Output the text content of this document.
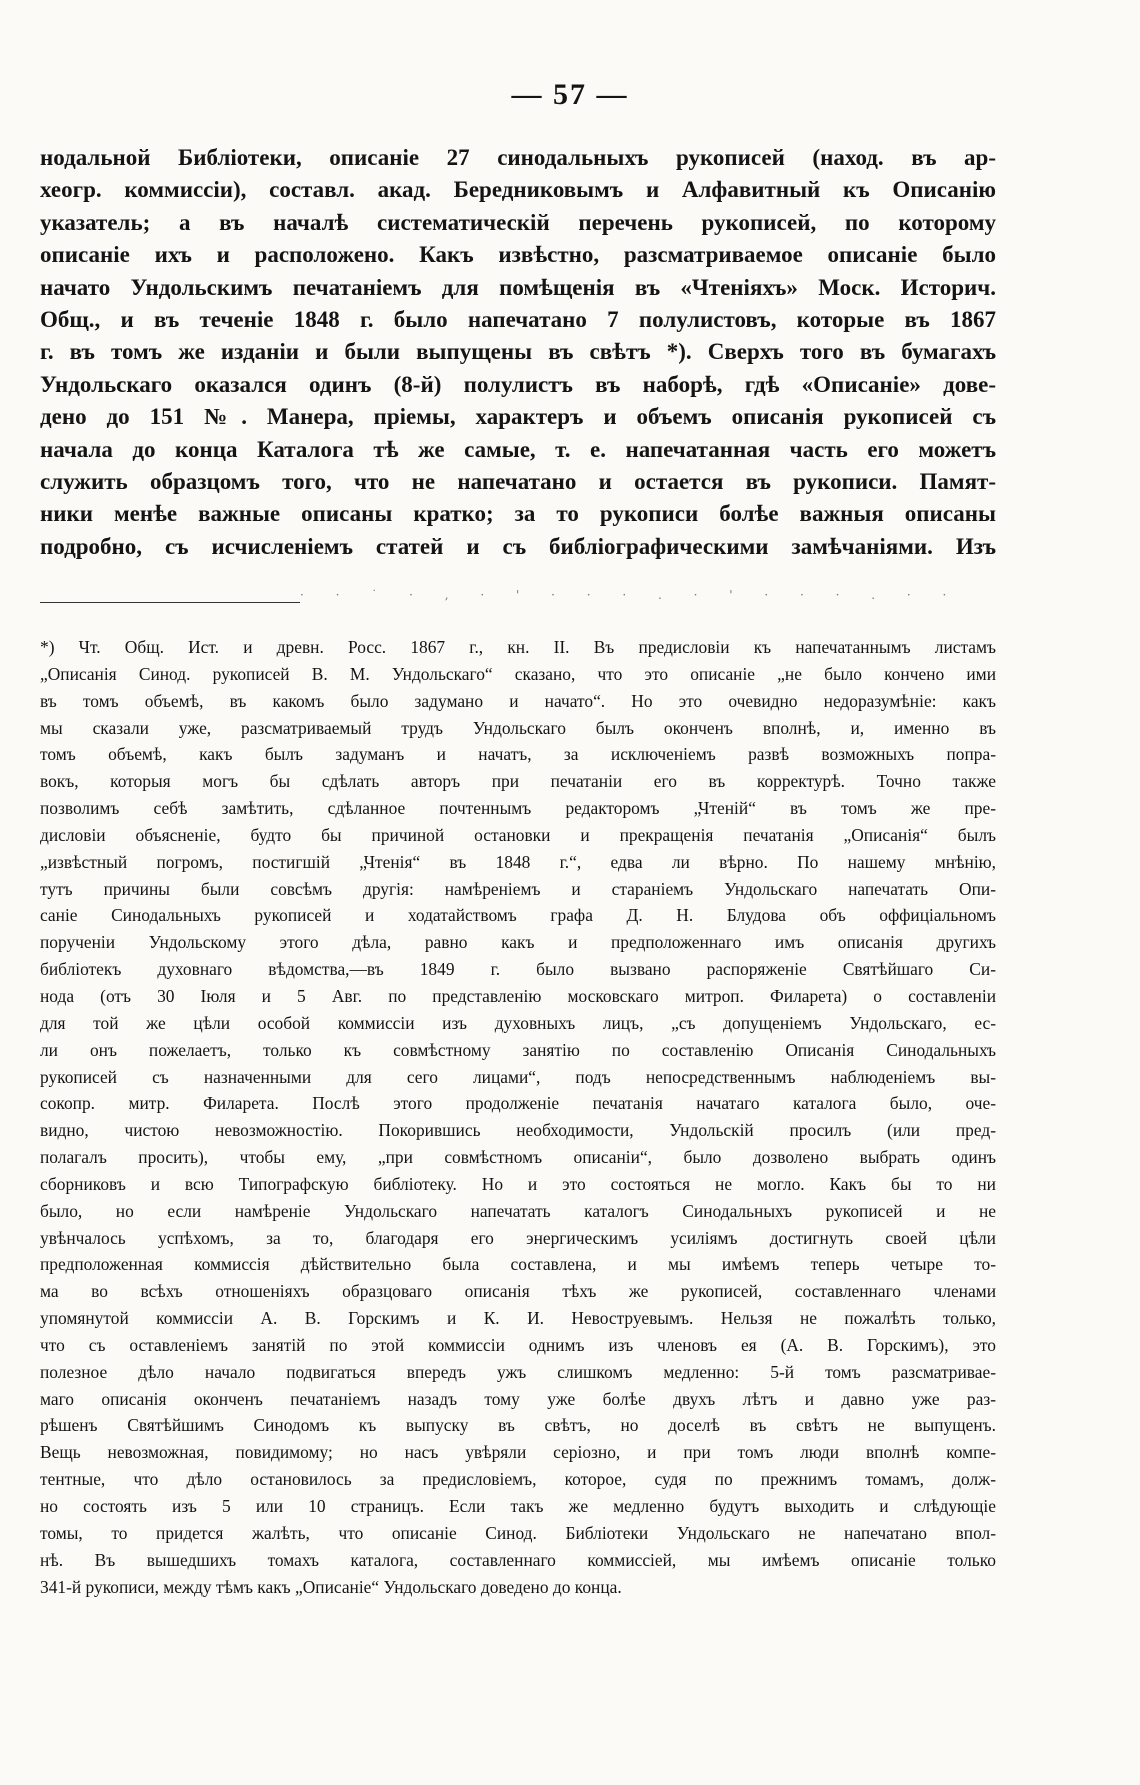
— 57 —
нодальной Библіотеки, описаніе 27 синодальныхъ рукописей (наход. въ ар-
хеогр. коммиссіи), составл. акад. Бередниковымъ и Алфавитный къ Описанію
указатель; а въ началѣ систематическій перечень рукописей, по которому
описаніе ихъ и расположено. Какъ извѣстно, разсматриваемое описаніе было
начато Ундольскимъ печатаніемъ для помѣщенія въ «Чтеніяхъ» Моск. Историч.
Общ., и въ теченіе 1848 г. было напечатано 7 полулистовъ, которые въ 1867
г. въ томъ же изданіи и были выпущены въ свѣтъ *). Сверхъ того въ бумагахъ
Ундольскаго оказался одинъ (8-й) полулистъ въ наборѣ, гдѣ «Описаніе» дове-
дено до 151 №. Манера, пріемы, характеръ и объемъ описанія рукописей съ
начала до конца Каталога тѣ же самые, т. е. напечатанная часть его можетъ
служить образцомъ того, что не напечатано и остается въ рукописи. Памят-
ники менѣе важные описаны кратко; за то рукописи болѣе важныя описаны
подробно, съ исчисленіемъ статей и съ библіографическими замѣчаніями. Изъ
· · ˙ · , · ' · · · . · ' · · · . · ·
*) Чт. Общ. Ист. и древн. Росс. 1867 г., кн. II. Въ предисловіи къ напечатаннымъ листамъ
„Описанія Синод. рукописей В. М. Ундольскаго“ сказано, что это описаніе „не было кончено ими
въ томъ объемѣ, въ какомъ было задумано и начато“. Но это очевидно недоразумѣніе: какъ
мы сказали уже, разсматриваемый трудъ Ундольскаго былъ оконченъ вполнѣ, и, именно въ
томъ объемѣ, какъ былъ задуманъ и начатъ, за исключеніемъ развѣ возможныхъ попра-
вокъ, которыя могъ бы сдѣлать авторъ при печатаніи его въ корректурѣ. Точно также
позволимъ себѣ замѣтить, сдѣланное почтеннымъ редакторомъ „Чтеній“ въ томъ же пре-
дисловіи объясненіе, будто бы причиной остановки и прекращенія печатанія „Описанія“ былъ
„извѣстный погромъ, постигшій „Чтенія“ въ 1848 г.“, едва ли вѣрно. По нашему мнѣнію,
тутъ причины были совсѣмъ другія: намѣреніемъ и стараніемъ Ундольскаго напечатать Опи-
саніе Синодальныхъ рукописей и ходатайствомъ графа Д. Н. Блудова объ оффиціальномъ
порученіи Ундольскому этого дѣла, равно какъ и предположеннаго имъ описанія другихъ
библіотекъ духовнаго вѣдомства,—въ 1849 г. было вызвано распоряженіе Святѣйшаго Си-
нода (отъ 30 Іюля и 5 Авг. по представленію московскаго митроп. Филарета) о составленіи
для той же цѣли особой коммиссіи изъ духовныхъ лицъ, „съ допущеніемъ Ундольскаго, ес-
ли онъ пожелаетъ, только къ совмѣстному занятію по составленію Описанія Синодальныхъ
рукописей съ назначенными для сего лицами“, подъ непосредственнымъ наблюденіемъ вы-
сокопр. митр. Филарета. Послѣ этого продолженіе печатанія начатаго каталога было, оче-
видно, чистою невозможностію. Покорившись необходимости, Ундольскій просилъ (или пред-
полагалъ просить), чтобы ему, „при совмѣстномъ описаніи“, было дозволено выбрать одинъ
сборниковъ и всю Типографскую библіотеку. Но и это состояться не могло. Какъ бы то ни
было, но если намѣреніе Ундольскаго напечатать каталогъ Синодальныхъ рукописей и не
увѣнчалось успѣхомъ, за то, благодаря его энергическимъ усиліямъ достигнуть своей цѣли
предположенная коммиссія дѣйствительно была составлена, и мы имѣемъ теперь четыре то-
ма во всѣхъ отношеніяхъ образцоваго описанія тѣхъ же рукописей, составленнаго членами
упомянутой коммиссіи А. В. Горскимъ и К. И. Невоструевымъ. Нельзя не пожалѣть только,
что съ оставленіемъ занятій по этой коммиссіи однимъ изъ членовъ ея (А. В. Горскимъ), это
полезное дѣло начало подвигаться впередъ ужъ слишкомъ медленно: 5-й томъ разсматривае-
маго описанія оконченъ печатаніемъ назадъ тому уже болѣе двухъ лѣтъ и давно уже раз-
рѣшенъ Святѣйшимъ Синодомъ къ выпуску въ свѣтъ, но доселѣ въ свѣтъ не выпущенъ.
Вещь невозможная, повидимому; но насъ увѣряли серіозно, и при томъ люди вполнѣ компе-
тентные, что дѣло остановилось за предисловіемъ, которое, судя по прежнимъ томамъ, долж-
но состоять изъ 5 или 10 страницъ. Если такъ же медленно будутъ выходить и слѣдующіе
томы, то придется жалѣть, что описаніе Синод. Библіотеки Ундольскаго не напечатано впол-
нѣ. Въ вышедшихъ томахъ каталога, составленнаго коммиссіей, мы имѣемъ описаніе только
341-й рукописи, между тѣмъ какъ „Описаніе“ Ундольскаго доведено до конца.
